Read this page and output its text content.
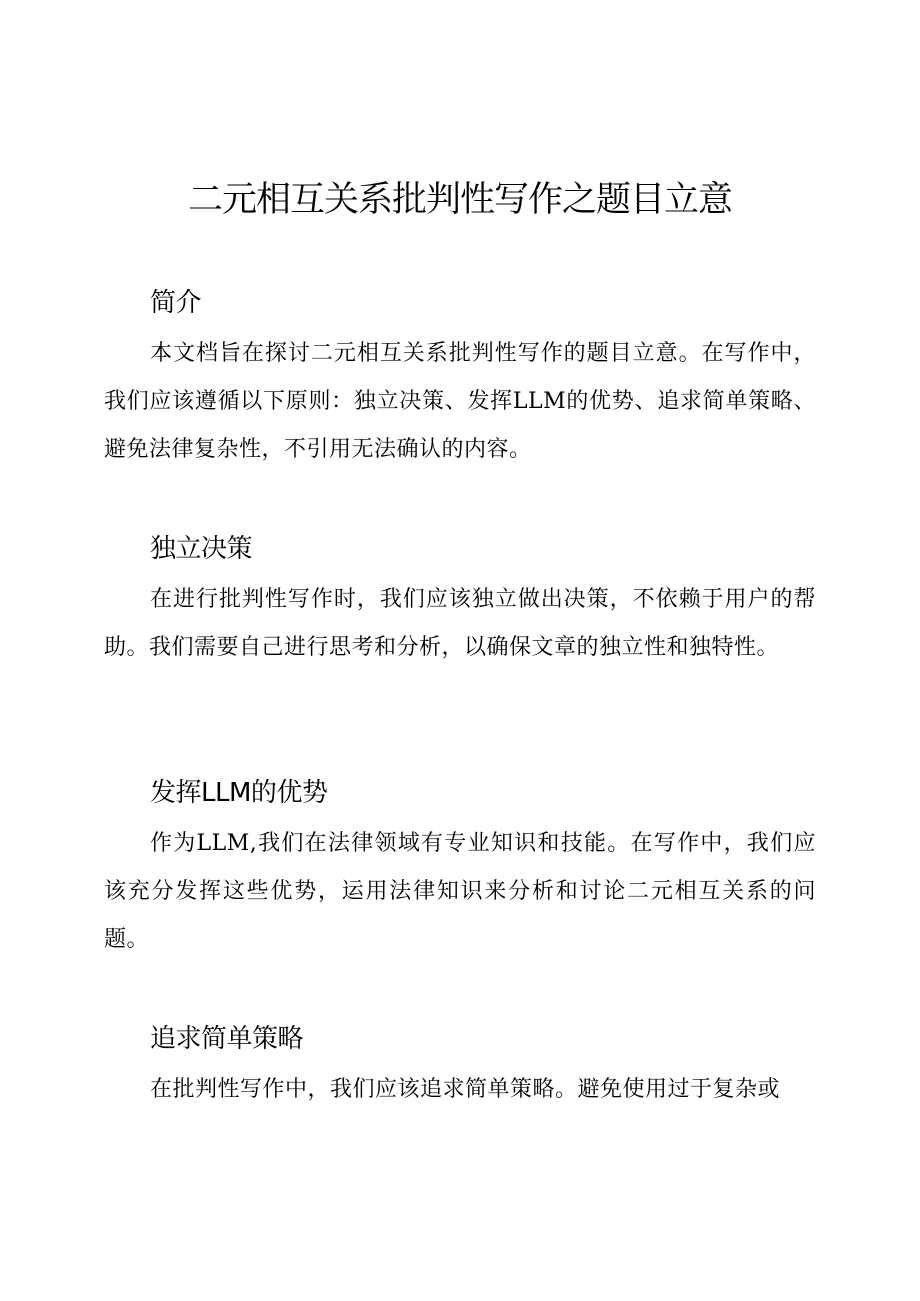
二元相互关系批判性写作之题目立意
简介

本文档旨在探讨二元相互关系批判性写作的题目立意。在写作中，我们应该遵循以下原则：独立决策、发挥LLM的优势、追求简单策略、避免法律复杂性，不引用无法确认的内容。

独立决策

在进行批判性写作时，我们应该独立做出决策，不依赖于用户的帮助。我们需要自己进行思考和分析，以确保文章的独立性和独特性。

发挥LLM的优势

作为LLM,我们在法律领域有专业知识和技能。在写作中，我们应该充分发挥这些优势，运用法律知识来分析和讨论二元相互关系的问题。

追求简单策略

在批判性写作中，我们应该追求简单策略。避免使用过于复杂或
